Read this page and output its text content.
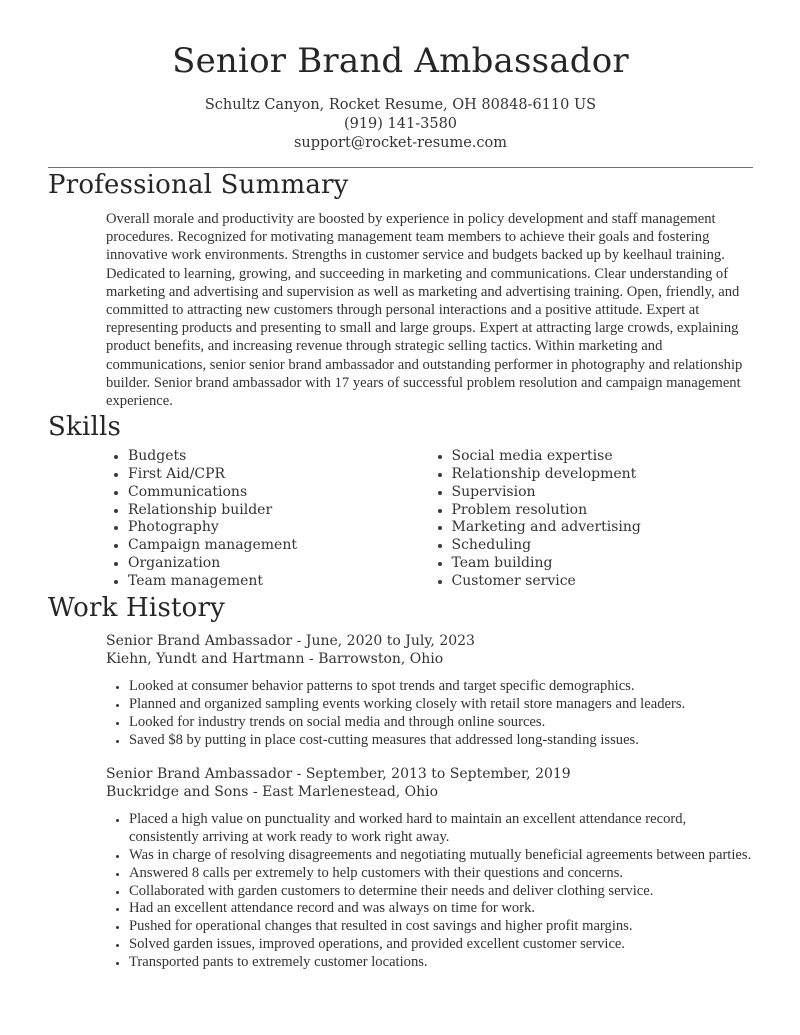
Senior Brand Ambassador
Schultz Canyon, Rocket Resume, OH 80848-6110 US
(919) 141-3580
support@rocket-resume.com
Professional Summary

Overall morale and productivity are boosted by experience in policy development and staff management procedures. Recognized for motivating management team members to achieve their goals and fostering innovative work environments. Strengths in customer service and budgets backed up by keelhaul training. Dedicated to learning, growing, and succeeding in marketing and communications. Clear understanding of marketing and advertising and supervision as well as marketing and advertising training. Open, friendly, and committed to attracting new customers through personal interactions and a positive attitude. Expert at representing products and presenting to small and large groups. Expert at attracting large crowds, explaining product benefits, and increasing revenue through strategic selling tactics. Within marketing and communications, senior senior brand ambassador and outstanding performer in photography and relationship builder. Senior brand ambassador with 17 years of successful problem resolution and campaign management experience.

Skills
• Budgets
• First Aid/CPR
• Communications
• Relationship builder
• Photography
• Campaign management
• Organization
• Team management
• Social media expertise
• Relationship development
• Supervision
• Problem resolution
• Marketing and advertising
• Scheduling
• Team building
• Customer service
Work History
Senior Brand Ambassador - June, 2020 to July, 2023
Kiehn, Yundt and Hartmann - Barrowston, Ohio
• Looked at consumer behavior patterns to spot trends and target specific demographics.
• Planned and organized sampling events working closely with retail store managers and leaders.
• Looked for industry trends on social media and through online sources.
• Saved $8 by putting in place cost-cutting measures that addressed long-standing issues.
Senior Brand Ambassador - September, 2013 to September, 2019
Buckridge and Sons - East Marlenestead, Ohio
• Placed a high value on punctuality and worked hard to maintain an excellent attendance record, consistently arriving at work ready to work right away.
• Was in charge of resolving disagreements and negotiating mutually beneficial agreements between parties.
• Answered 8 calls per extremely to help customers with their questions and concerns.
• Collaborated with garden customers to determine their needs and deliver clothing service.
• Had an excellent attendance record and was always on time for work.
• Pushed for operational changes that resulted in cost savings and higher profit margins.
• Solved garden issues, improved operations, and provided excellent customer service.
• Transported pants to extremely customer locations.
